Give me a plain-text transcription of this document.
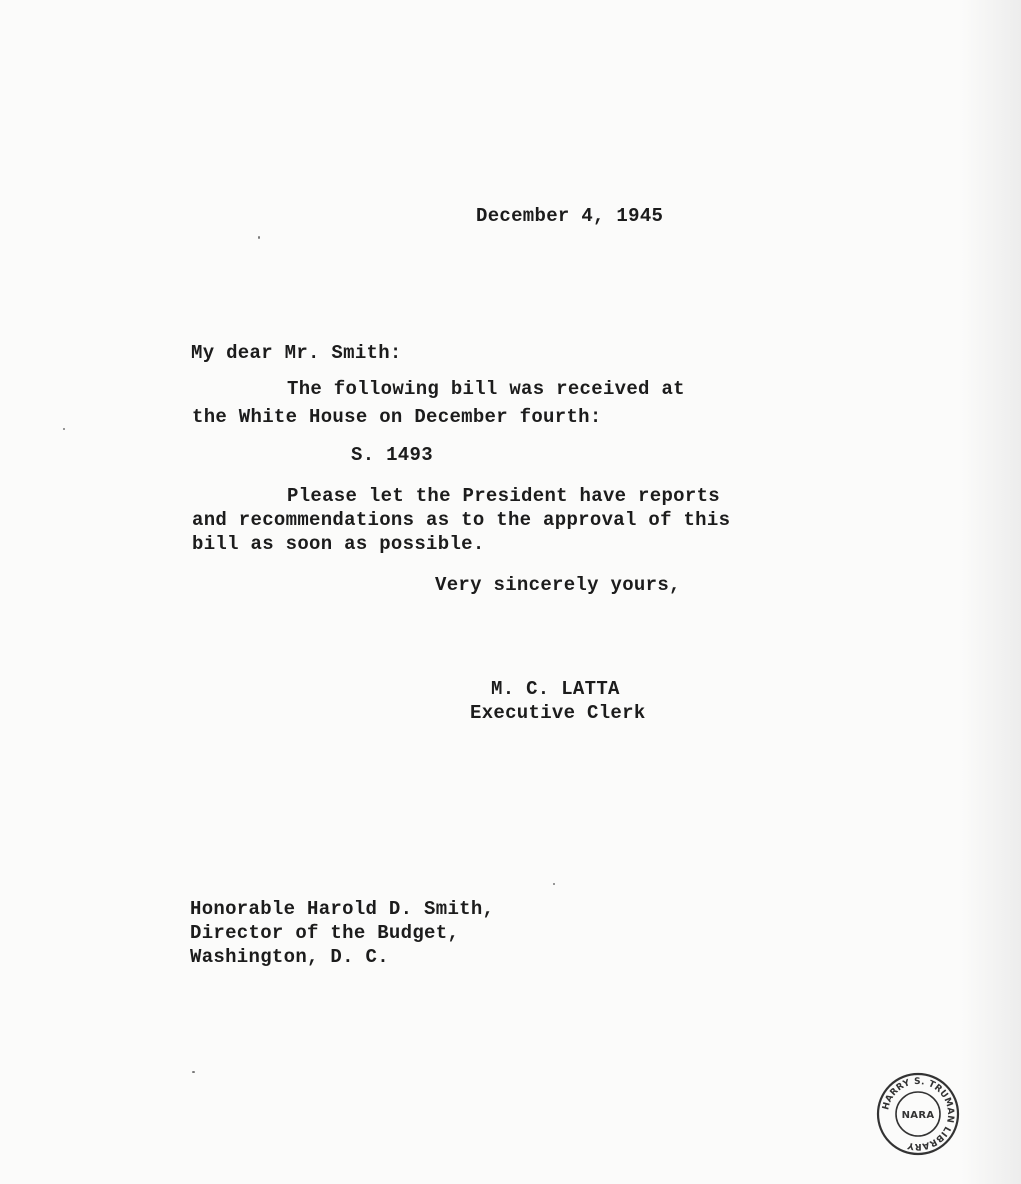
December 4, 1945
My dear Mr. Smith:
The following bill was received at
the White House on December fourth:
S. 1493
Please let the President have reports
and recommendations as to the approval of this
bill as soon as possible.
Very sincerely yours,
M. C. LATTA
Executive Clerk
Honorable Harold D. Smith,
Director of the Budget,
Washington, D. C.
HARRY S. TRUMAN LIBRARY
NARA
